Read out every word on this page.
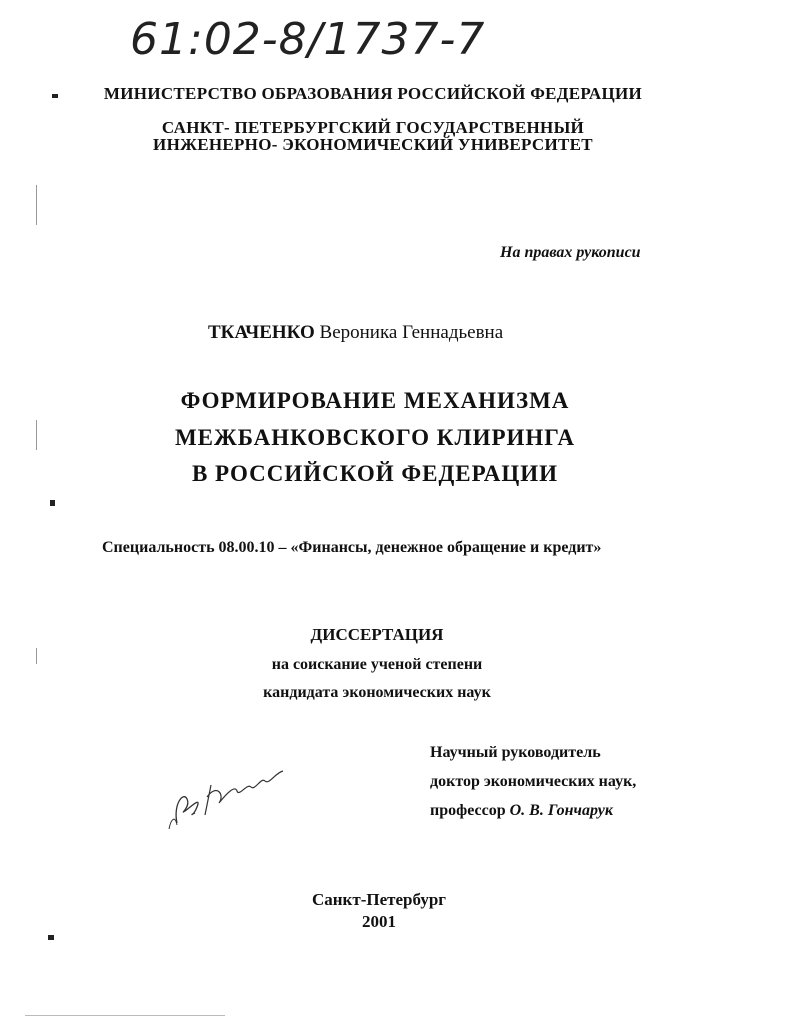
61:02-8/1737-7
МИНИСТЕРСТВО ОБРАЗОВАНИЯ РОССИЙСКОЙ ФЕДЕРАЦИИ
САНКТ- ПЕТЕРБУРГСКИЙ ГОСУДАРСТВЕННЫЙ
ИНЖЕНЕРНО- ЭКОНОМИЧЕСКИЙ УНИВЕРСИТЕТ
На правах рукописи
ТКАЧЕНКО Вероника Геннадьевна
ФОРМИРОВАНИЕ МЕХАНИЗМА
МЕЖБАНКОВСКОГО КЛИРИНГА
В РОССИЙСКОЙ ФЕДЕРАЦИИ
Специальность 08.00.10 – «Финансы, денежное обращение и кредит»
ДИССЕРТАЦИЯ
на соискание ученой степени
кандидата экономических наук
Научный руководитель
доктор экономических наук,
профессор О. В. Гончарук
Санкт-Петербург
2001
